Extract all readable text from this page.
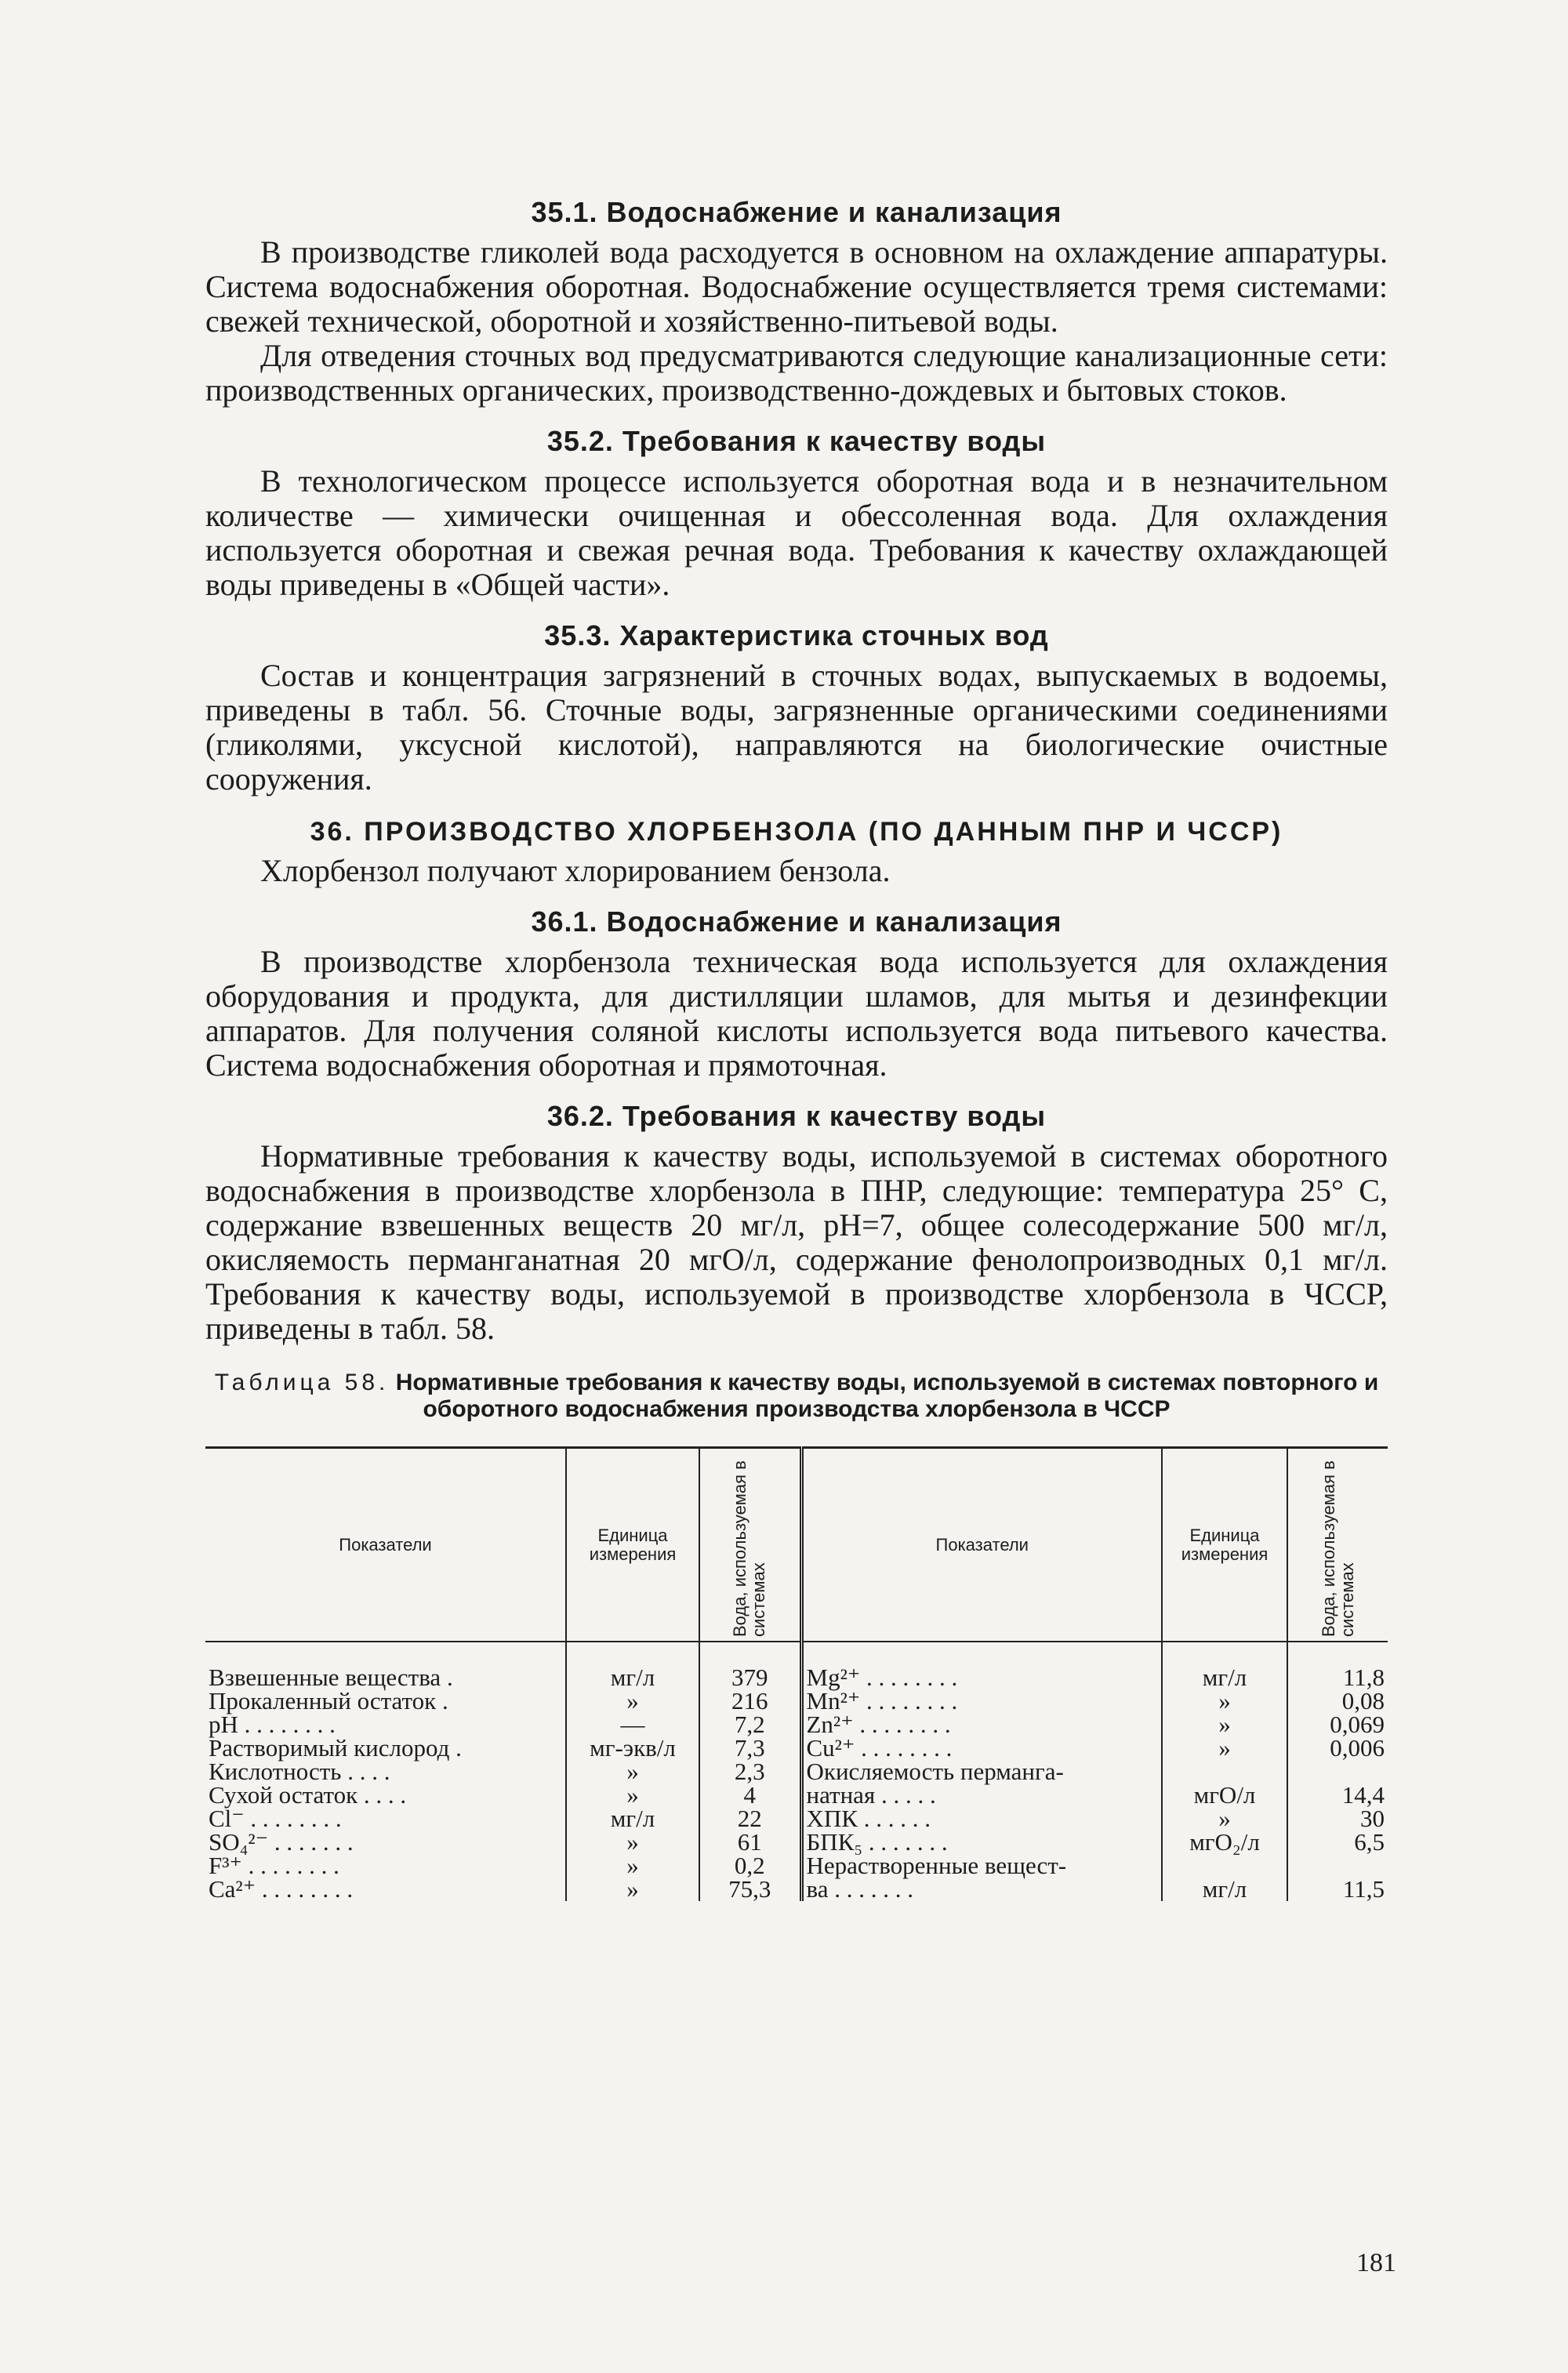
35.1. Водоснабжение и канализация

В производстве гликолей вода расходуется в основном на охлаждение аппаратуры. Система водоснабжения оборотная. Водоснабжение осуществляется тремя системами: свежей технической, оборотной и хозяйственно-питьевой воды.

Для отведения сточных вод предусматриваются следующие канализационные сети: производственных органических, производственно-дождевых и бытовых стоков.

35.2. Требования к качеству воды

В технологическом процессе используется оборотная вода и в незначительном количестве — химически очищенная и обессоленная вода. Для охлаждения используется оборотная и свежая речная вода. Требования к качеству охлаждающей воды приведены в «Общей части».

35.3. Характеристика сточных вод

Состав и концентрация загрязнений в сточных водах, выпускаемых в водоемы, приведены в табл. 56. Сточные воды, загрязненные органическими соединениями (гликолями, уксусной кислотой), направляются на биологические очистные сооружения.

36. ПРОИЗВОДСТВО ХЛОРБЕНЗОЛА (ПО ДАННЫМ ПНР И ЧССР)

Хлорбензол получают хлорированием бензола.

36.1. Водоснабжение и канализация

В производстве хлорбензола техническая вода используется для охлаждения оборудования и продукта, для дистилляции шламов, для мытья и дезинфекции аппаратов. Для получения соляной кислоты используется вода питьевого качества. Система водоснабжения оборотная и прямоточная.

36.2. Требования к качеству воды

Нормативные требования к качеству воды, используемой в системах оборотного водоснабжения в производстве хлорбензола в ПНР, следующие: температура 25° С, содержание взвешенных веществ 20 мг/л, pH=7, общее солесодержание 500 мг/л, окисляемость перманганатная 20 мгО/л, содержание фенолопроизводных 0,1 мг/л. Требования к качеству воды, используемой в производстве хлорбензола в ЧССР, приведены в табл. 58.

Таблица 58. Нормативные требования к качеству воды, используемой в системах повторного и оборотного водоснабжения производства хлорбензола в ЧССР
Показатели	Единица измерения	Вода, используемая в системах	Показатели	Единица измерения	Вода, используемая в системах
Взвешенные вещества .	мг/л	379	Mg²⁺ . . . . . . . .	мг/л	11,8
Прокаленный остаток .	»	216	Mn²⁺ . . . . . . . .	»	0,08
pH . . . . . . . .	—	7,2	Zn²⁺ . . . . . . . .	»	0,069
Растворимый кислород .	мг-экв/л	7,3	Cu²⁺ . . . . . . . .	»	0,006
Кислотность . . . .	»	2,3	Окисляемость перманга-		
Сухой остаток . . . .	»	4	натная . . . . .	мгО/л	14,4
Cl⁻ . . . . . . . .	мг/л	22	ХПК . . . . . .	»	30
SO₄²⁻ . . . . . . .	»	61	БПК₅ . . . . . . .	мгО₂/л	6,5
F³⁺ . . . . . . . .	»	0,2	Нерастворенные вещест-		
Ca²⁺ . . . . . . . .	»	75,3	ва . . . . . . .	мг/л	11,5
181
